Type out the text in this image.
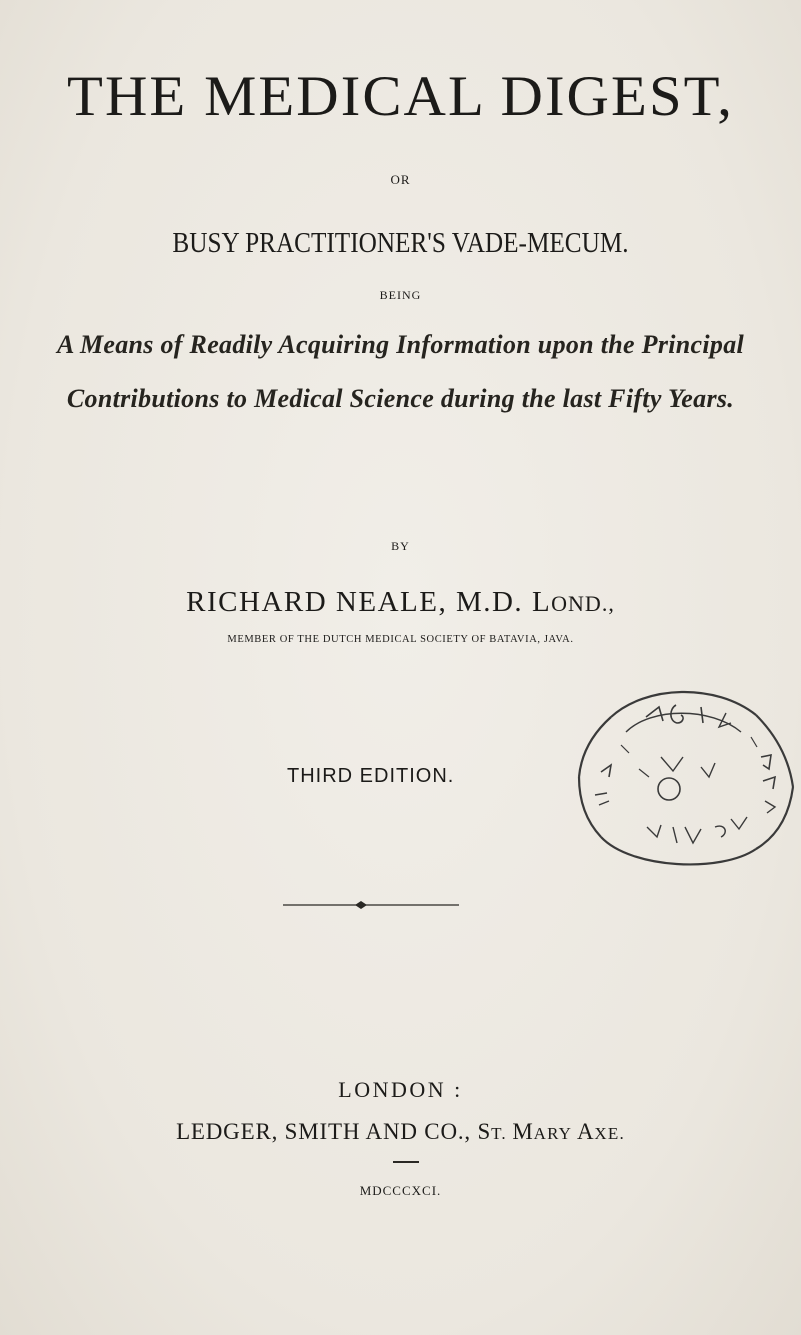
THE MEDICAL DIGEST,
OR
BUSY PRACTITIONER'S VADE-MECUM.
BEING
A Means of Readily Acquiring Information upon the Principal
Contributions to Medical Science during the last Fifty Years.
BY
RICHARD NEALE, M.D. LOND.,
MEMBER OF THE DUTCH MEDICAL SOCIETY OF BATAVIA, JAVA.
THIRD EDITION.
LONDON :
LEDGER, SMITH AND CO., ST. MARY AXE.
MDCCCXCI.
